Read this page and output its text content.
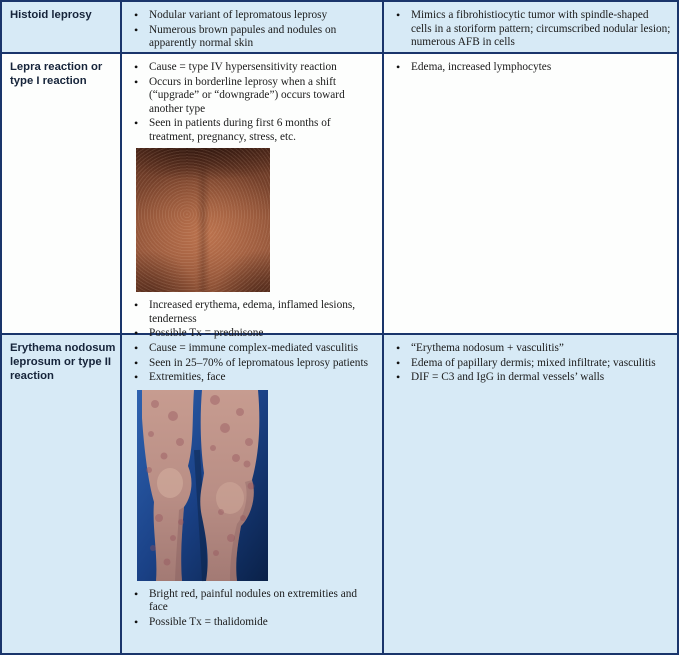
Histoid leprosy	• Nodular variant of lepromatous leprosy
• Numerous brown papules and nodules on apparently normal skin
• Mimics a fibrohistiocytic tumor with spindle-shaped cells in a storiform pattern; circumscribed nodular lesion; numerous AFB in cells
Lepra reaction or type I reaction
• Cause = type IV hypersensitivity reaction
• Occurs in borderline leprosy when a shift (“upgrade” or “downgrade”) occurs toward another type
• Seen in patients during first 6 months of treatment, pregnancy, stress, etc.
• Increased erythema, edema, inflamed lesions, tenderness
• Possible Tx = prednisone
• Edema, increased lymphocytes
Erythema nodosum leprosum or type II reaction
• Cause = immune complex-mediated vasculitis
• Seen in 25–70% of lepromatous leprosy patients
• Extremities, face
• Bright red, painful nodules on extremities and face
• Possible Tx = thalidomide
• “Erythema nodosum + vasculitis”
• Edema of papillary dermis; mixed infiltrate; vasculitis
• DIF = C3 and IgG in dermal vessels’ walls
